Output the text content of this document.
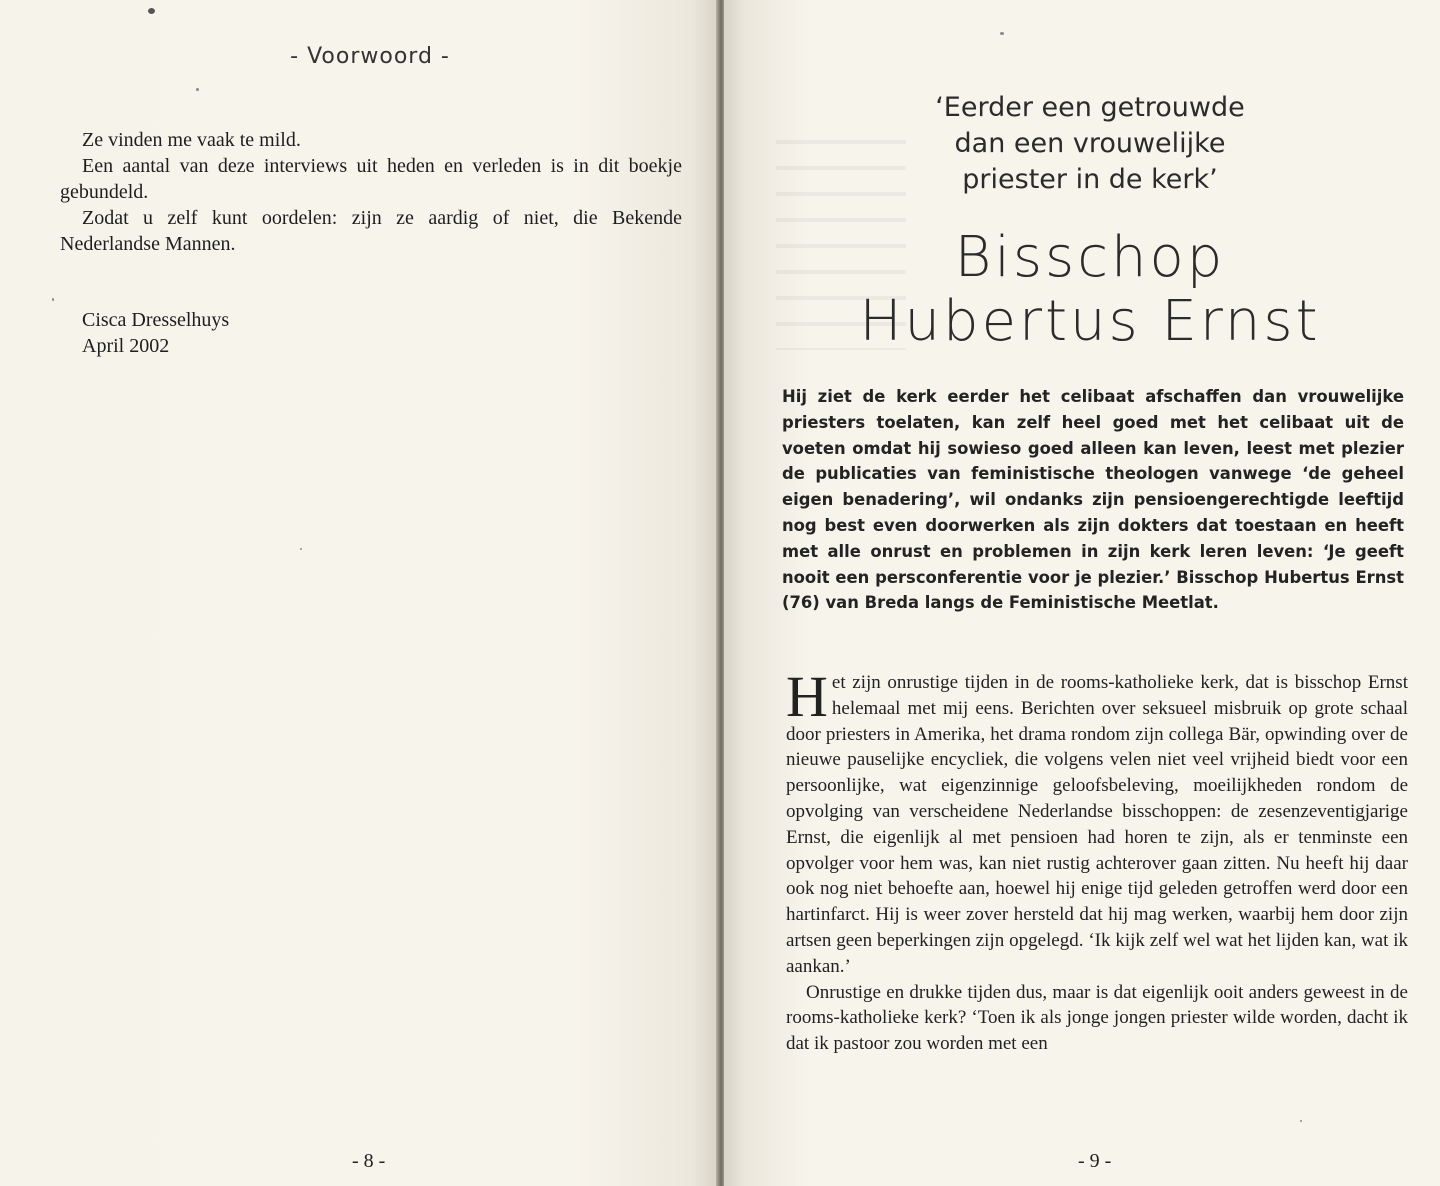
- Voorwoord -

Ze vinden me vaak te mild.

Een aantal van deze interviews uit heden en verleden is in dit boekje gebundeld.

Zodat u zelf kunt oordelen: zijn ze aardig of niet, die Bekende Nederlandse Mannen.

Cisca Dresselhuys
April 2002
- 8 -
‘Eerder een getrouwde
dan een vrouwelijke
priester in de kerk’
Bisschop
Hubertus Ernst
Hij ziet de kerk eerder het celibaat afschaffen dan vrouwelijke priesters toelaten, kan zelf heel goed met het celibaat uit de voeten omdat hij sowieso goed alleen kan leven, leest met plezier de publicaties van feministische theologen vanwege ‘de geheel eigen benadering’, wil ondanks zijn pensioengerechtigde leeftijd nog best even doorwerken als zijn dokters dat toestaan en heeft met alle onrust en problemen in zijn kerk leren leven: ‘Je geeft nooit een persconferentie voor je plezier.’ Bisschop Hubertus Ernst (76) van Breda langs de Feministische Meetlat.

Het zijn onrustige tijden in de rooms-katholieke kerk, dat is bisschop Ernst helemaal met mij eens. Berichten over seksueel misbruik op grote schaal door priesters in Amerika, het drama rondom zijn collega Bär, opwinding over de nieuwe pauselijke encycliek, die volgens velen niet veel vrijheid biedt voor een persoonlijke, wat eigenzinnige geloofsbeleving, moeilijkheden rondom de opvolging van verscheidene Nederlandse bisschoppen: de zesenzeventigjarige Ernst, die eigenlijk al met pensioen had horen te zijn, als er tenminste een opvolger voor hem was, kan niet rustig achterover gaan zitten. Nu heeft hij daar ook nog niet behoefte aan, hoewel hij enige tijd geleden getroffen werd door een hartinfarct. Hij is weer zover hersteld dat hij mag werken, waarbij hem door zijn artsen geen beperkingen zijn opgelegd. ‘Ik kijk zelf wel wat het lijden kan, wat ik aankan.’

Onrustige en drukke tijden dus, maar is dat eigenlijk ooit anders geweest in de rooms-katholieke kerk? ‘Toen ik als jonge jongen priester wilde worden, dacht ik dat ik pastoor zou worden met een

- 9 -
